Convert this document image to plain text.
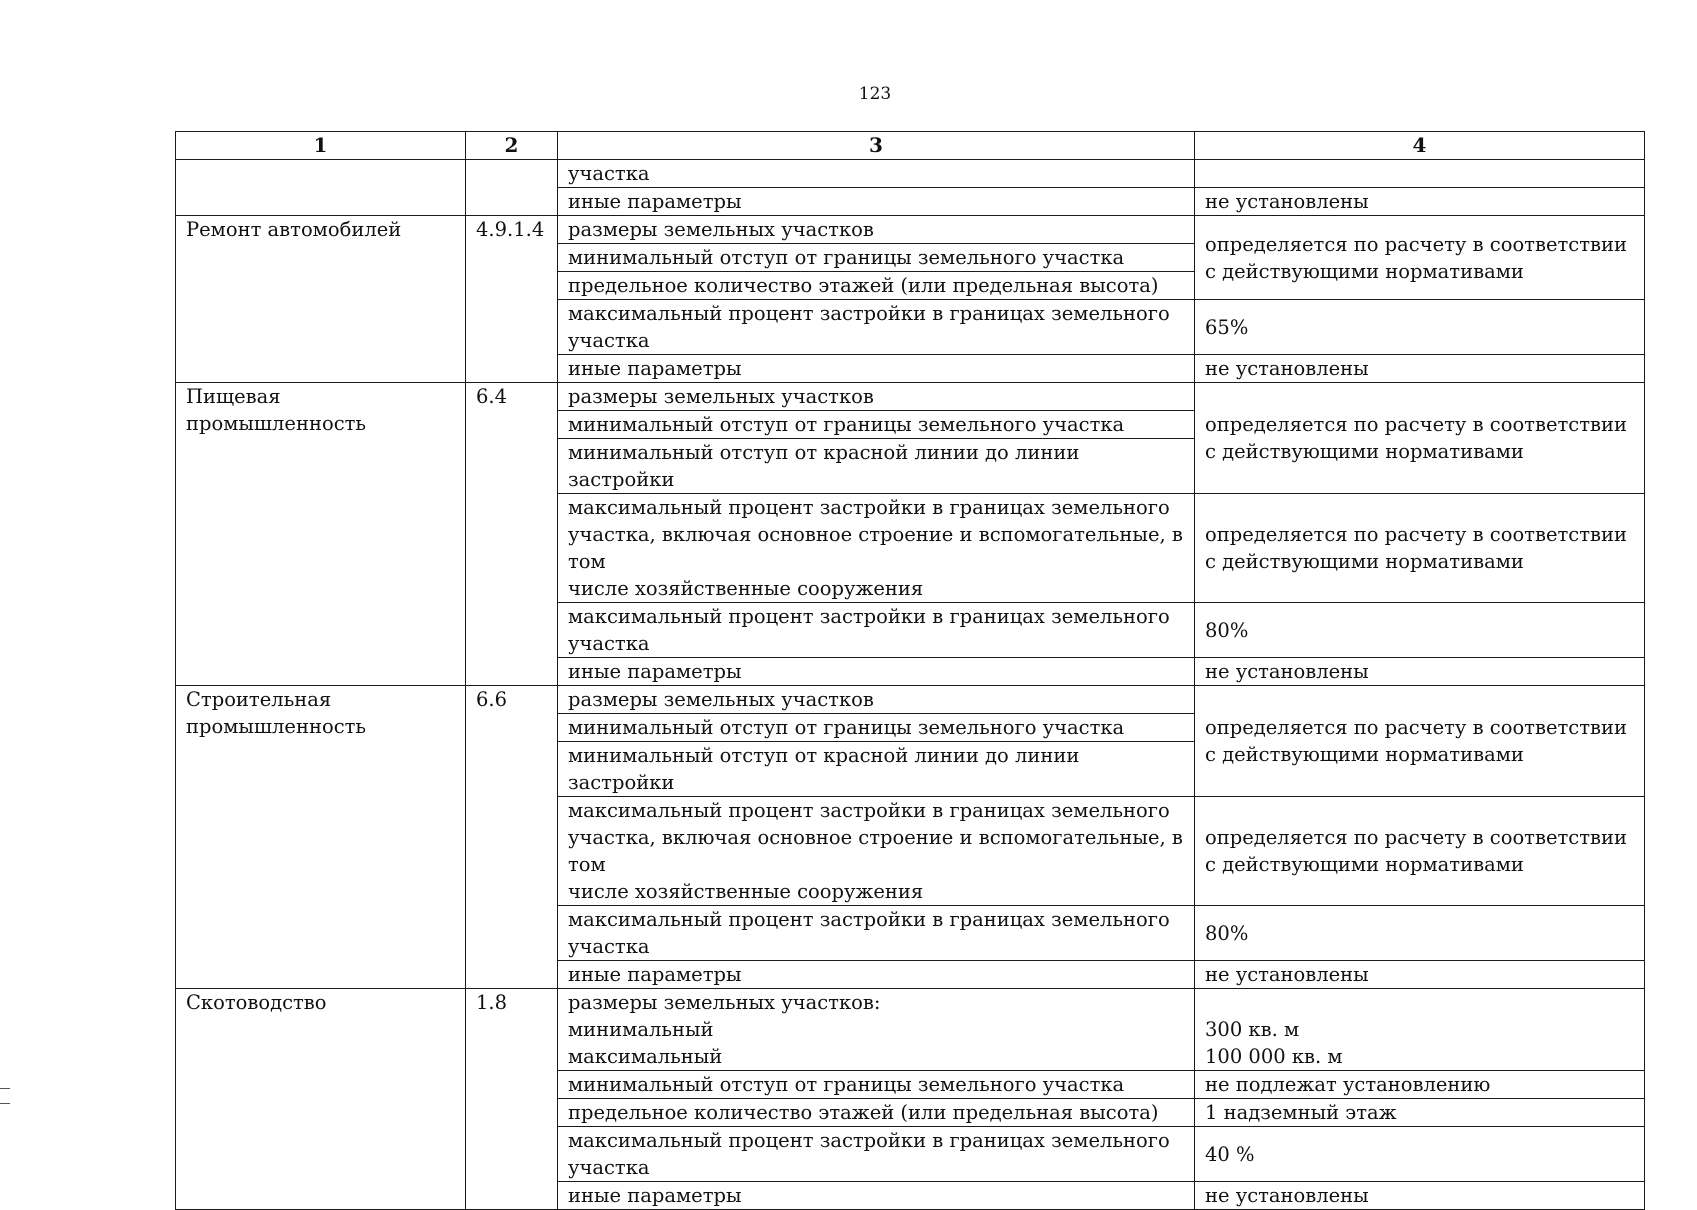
123
1	2	3	4

		участка	

		иные параметры	не установлены

Ремонт автомобилей	4.9.1.4	размеры земельных участков	определяется по расчету в соответствии
с действующими нормативами

		минимальный отступ от границы земельного участка	

		предельное количество этажей (или предельная высота)	

		максимальный процент застройки в границах земельного
участка	65%

		иные параметры	не установлены

Пищевая промышленность	6.4	размеры земельных участков	определяется по расчету в соответствии
с действующими нормативами

		минимальный отступ от границы земельного участка	

		минимальный отступ от красной линии до линии застройки	

		максимальный процент застройки в границах земельного
участка, включая основное строение и вспомогательные, в том
числе хозяйственные сооружения	определяется по расчету в соответствии
с действующими нормативами

		максимальный процент застройки в границах земельного
участка	80%

		иные параметры	не установлены

Строительная
промышленность	6.6	размеры земельных участков	определяется по расчету в соответствии
с действующими нормативами

		минимальный отступ от границы земельного участка	

		минимальный отступ от красной линии до линии застройки	

		максимальный процент застройки в границах земельного
участка, включая основное строение и вспомогательные, в том
числе хозяйственные сооружения	определяется по расчету в соответствии
с действующими нормативами

		максимальный процент застройки в границах земельного
участка	80%

		иные параметры	не установлены

Скотоводство	1.8	размеры земельных участков:
минимальный
максимальный	300 кв. м
100 000 кв. м

		минимальный отступ от границы земельного участка	не подлежат установлению

		предельное количество этажей (или предельная высота)	1 надземный этаж

		максимальный процент застройки в границах земельного
участка	40 %

		иные параметры	не установлены
